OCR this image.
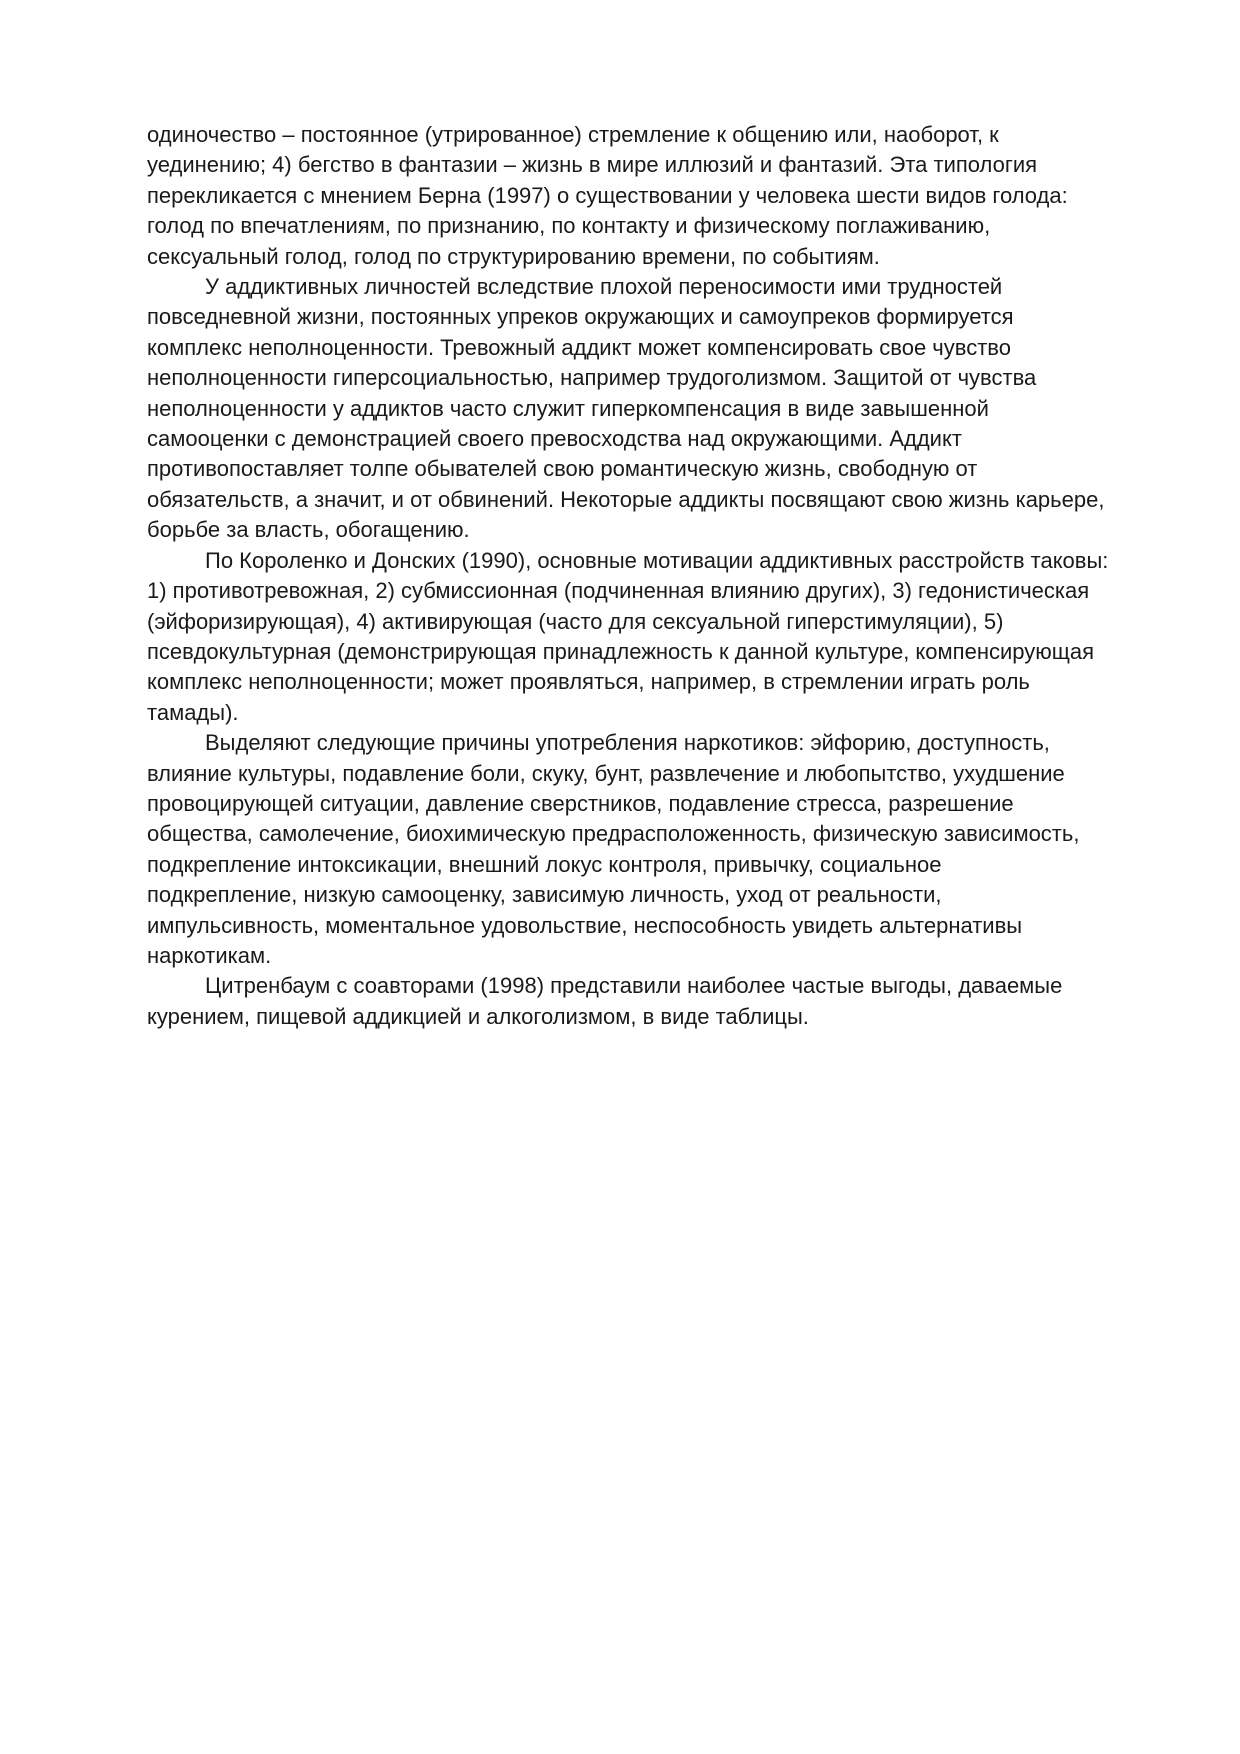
одиночество – постоянное (утрированное) стремление к общению или, наоборот, к
уединению; 4) бегство в фантазии – жизнь в мире иллюзий и фантазий. Эта типология
перекликается с мнением Берна (1997) о существовании у человека шести видов голода:
голод по впечатлениям, по признанию, по контакту и физическому поглаживанию,
сексуальный голод, голод по структурированию времени, по событиям.
У аддиктивных личностей вследствие плохой переносимости ими трудностей
повседневной жизни, постоянных упреков окружающих и самоупреков формируется
комплекс неполноценности. Тревожный аддикт может компенсировать свое чувство
неполноценности гиперсоциальностью, например трудоголизмом. Защитой от чувства
неполноценности у аддиктов часто служит гиперкомпенсация в виде завышенной
самооценки с демонстрацией своего превосходства над окружающими. Аддикт
противопоставляет толпе обывателей свою романтическую жизнь, свободную от
обязательств, а значит, и от обвинений. Некоторые аддикты посвящают свою жизнь карьере,
борьбе за власть, обогащению.
По Короленко и Донских (1990), основные мотивации аддиктивных расстройств таковы:
1) противотревожная, 2) субмиссионная (подчиненная влиянию других), 3) гедонистическая
(эйфоризирующая), 4) активирующая (часто для сексуальной гиперстимуляции), 5)
псевдокультурная (демонстрирующая принадлежность к данной культуре, компенсирующая
комплекс неполноценности; может проявляться, например, в стремлении играть роль
тамады).
Выделяют следующие причины употребления наркотиков: эйфорию, доступность,
влияние культуры, подавление боли, скуку, бунт, развлечение и любопытство, ухудшение
провоцирующей ситуации, давление сверстников, подавление стресса, разрешение
общества, самолечение, биохимическую предрасположенность, физическую зависимость,
подкрепление интоксикации, внешний локус контроля, привычку, социальное
подкрепление, низкую самооценку, зависимую личность, уход от реальности,
импульсивность, моментальное удовольствие, неспособность увидеть альтернативы
наркотикам.
Цитренбаум с соавторами (1998) представили наиболее частые выгоды, даваемые
курением, пищевой аддикцией и алкоголизмом, в виде таблицы.
